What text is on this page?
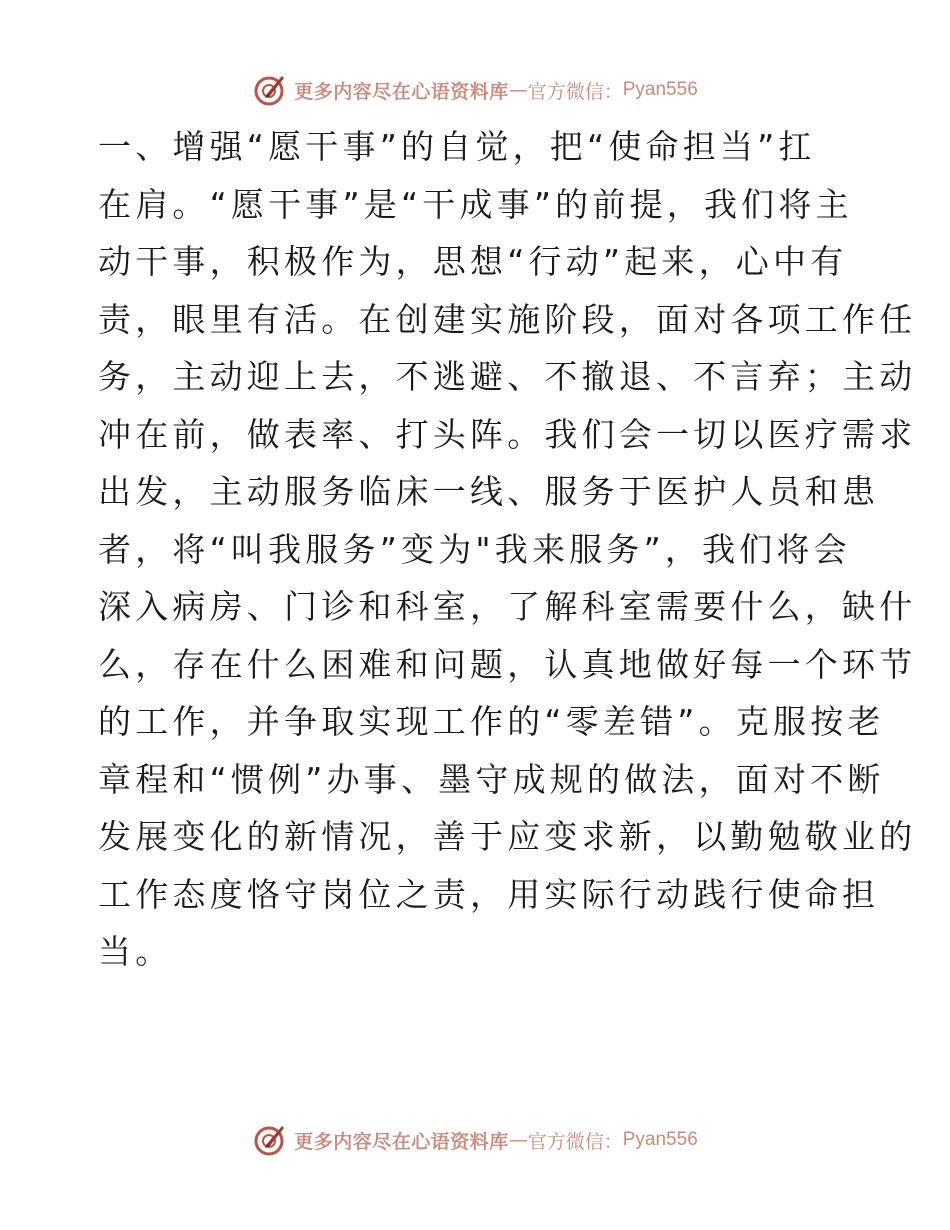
更多内容尽在心语资料库 — 官方微信： Pyan556
一、增强“愿干事”的自觉，把“使命担当”扛
在肩。“愿干事”是“干成事”的前提，我们将主
动干事，积极作为，思想“行动”起来，心中有
责，眼里有活。在创建实施阶段，面对各项工作任
务，主动迎上去，不逃避、不撤退、不言弃；主动
冲在前，做表率、打头阵。我们会一切以医疗需求
出发，主动服务临床一线、服务于医护人员和患
者，将“叫我服务”变为"我来服务”，我们将会
深入病房、门诊和科室，了解科室需要什么，缺什
么，存在什么困难和问题，认真地做好每一个环节
的工作，并争取实现工作的“零差错”。克服按老
章程和“惯例”办事、墨守成规的做法，面对不断
发展变化的新情况，善于应变求新，以勤勉敬业的
工作态度恪守岗位之责，用实际行动践行使命担
当。
更多内容尽在心语资料库 — 官方微信： Pyan556
